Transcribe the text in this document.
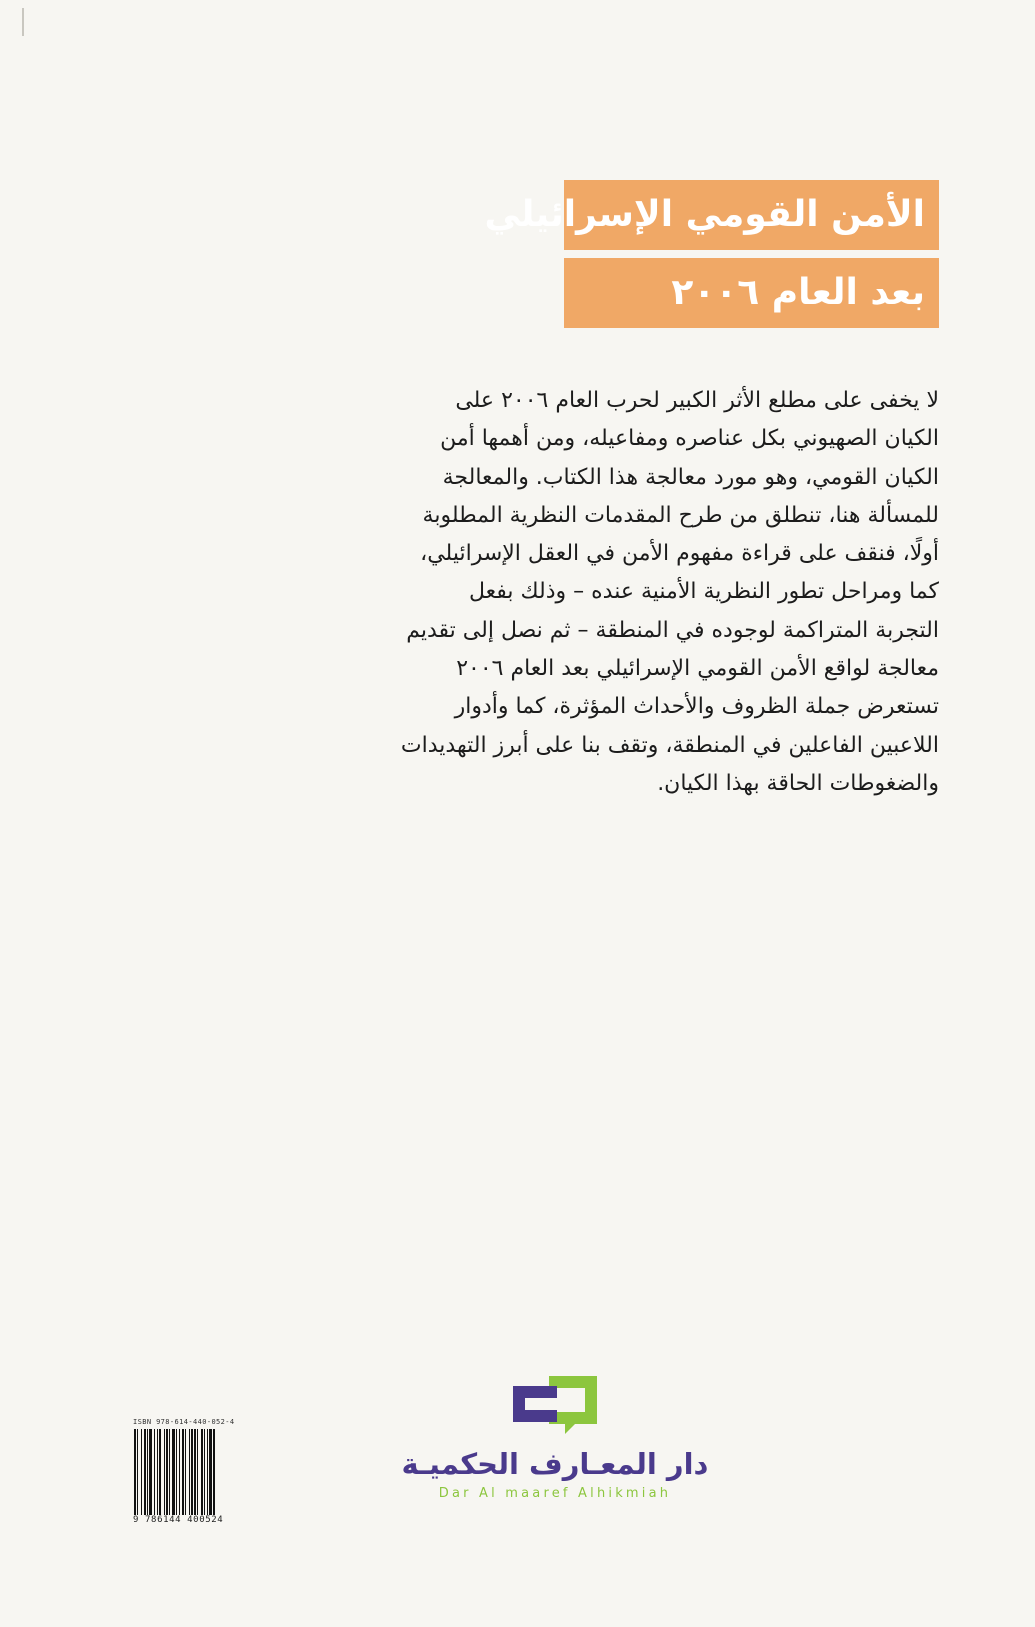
الأمن القومي الإسرائيلي
بعد العام ٢٠٠٦
لا يخفى على مطلع الأثر الكبير لحرب العام ٢٠٠٦ على
الكيان الصهيوني بكل عناصره ومفاعيله، ومن أهمها أمن
الكيان القومي، وهو مورد معالجة هذا الكتاب. والمعالجة
للمسألة هنا، تنطلق من طرح المقدمات النظرية المطلوبة
أولًا، فنقف على قراءة مفهوم الأمن في العقل الإسرائيلي،
كما ومراحل تطور النظرية الأمنية عنده – وذلك بفعل
التجربة المتراكمة لوجوده في المنطقة – ثم نصل إلى تقديم
معالجة لواقع الأمن القومي الإسرائيلي بعد العام ٢٠٠٦
تستعرض جملة الظروف والأحداث المؤثرة، كما وأدوار
اللاعبين الفاعلين في المنطقة، وتقف بنا على أبرز التهديدات
والضغوطات الحاقة بهذا الكيان.
ISBN 978-614-440-052-4
9 786144 400524
دار المعـارف الحكميـة
Dar Al maaref Alhikmiah
